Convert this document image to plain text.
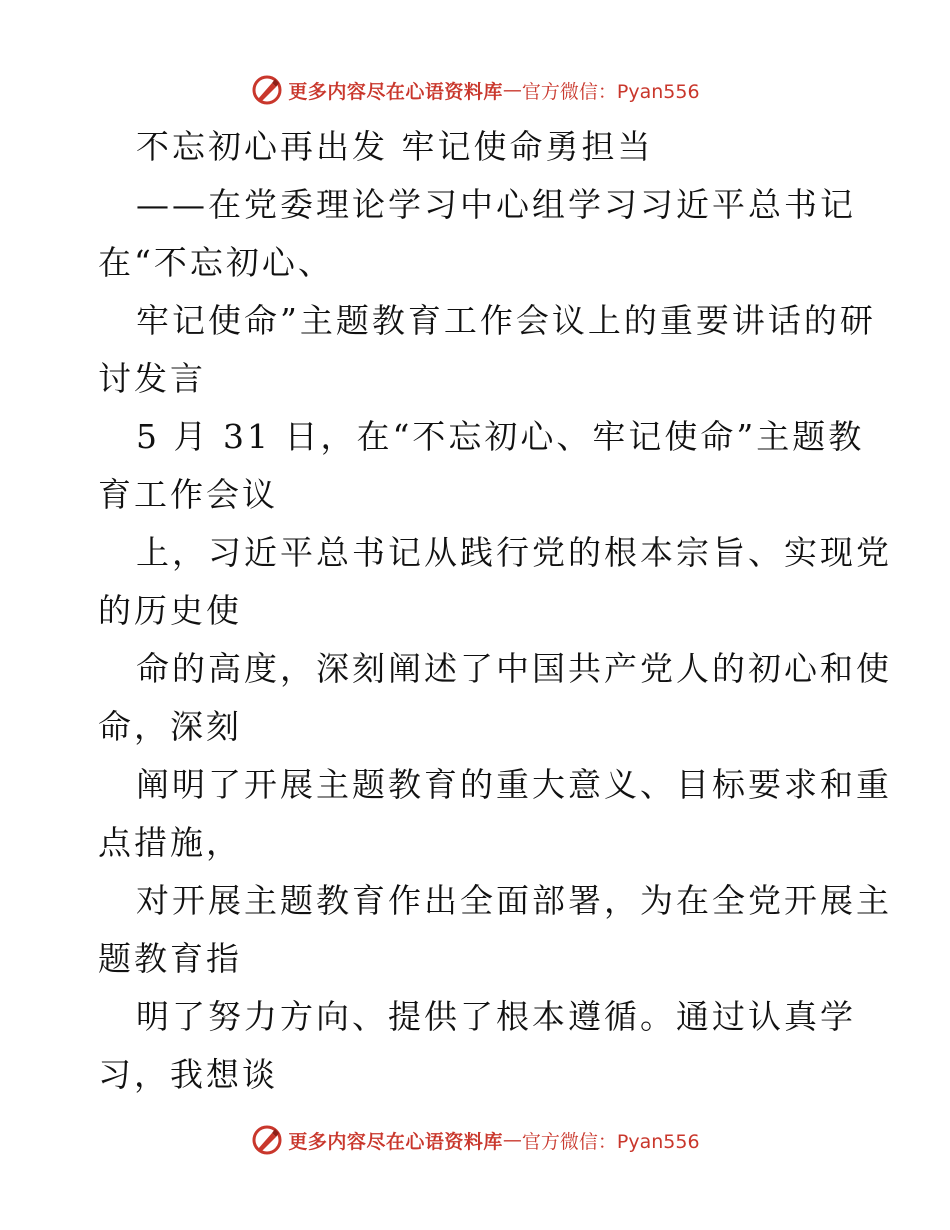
更多内容尽在心语资料库 — 官方微信：Pyan556
不忘初心再出发 牢记使命勇担当
——在党委理论学习中心组学习习近平总书记
在“不忘初心、
牢记使命”主题教育工作会议上的重要讲话的研
讨发言
5 月 31 日，在“不忘初心、牢记使命”主题教
育工作会议
上，习近平总书记从践行党的根本宗旨、实现党
的历史使
命的高度，深刻阐述了中国共产党人的初心和使
命，深刻
阐明了开展主题教育的重大意义、目标要求和重
点措施，
对开展主题教育作出全面部署，为在全党开展主
题教育指
明了努力方向、提供了根本遵循。通过认真学
习，我想谈
更多内容尽在心语资料库 — 官方微信：Pyan556
